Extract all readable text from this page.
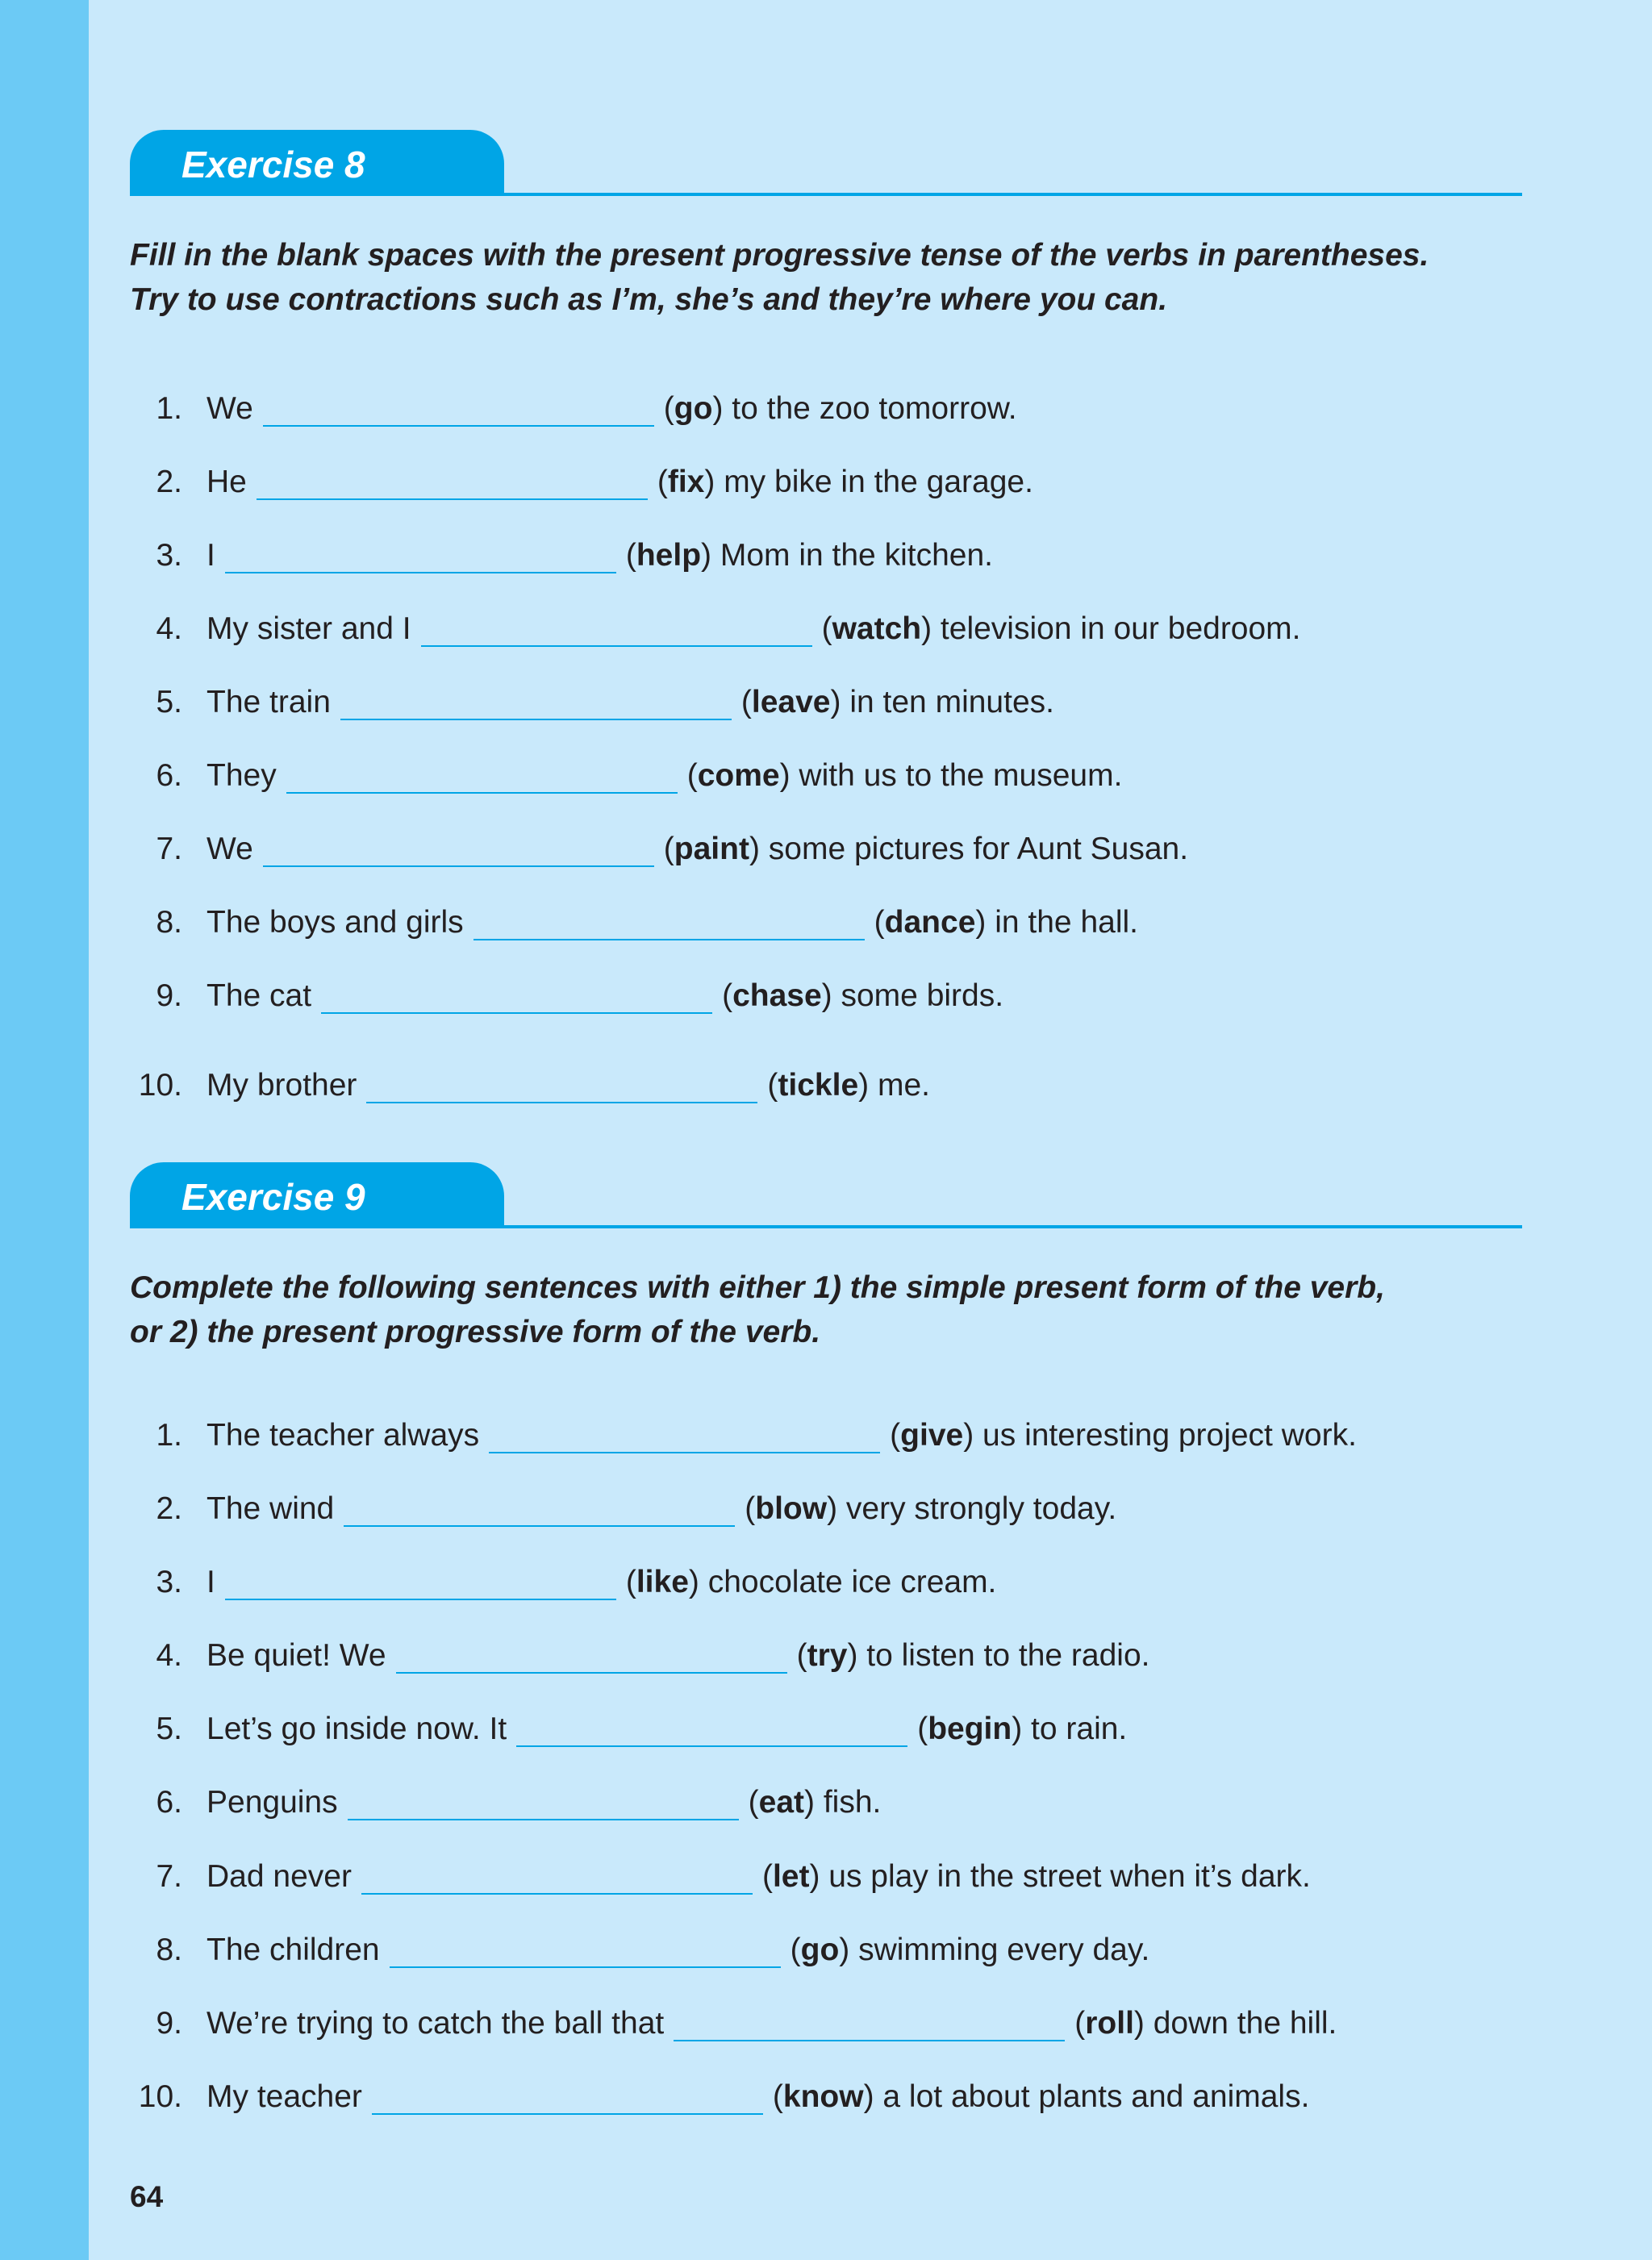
Exercise 8
Fill in the blank spaces with the present progressive tense of the verbs in parentheses.
Try to use contractions such as I’m, she’s and they’re where you can.
1. We	( go ) to the zoo tomorrow.
2. He	( fix ) my bike in the garage.
3. I	( help ) Mom in the kitchen.
4. My sister and I	( watch ) television in our bedroom.
5. The train	( leave ) in ten minutes.
6. They	( come ) with us to the museum.
7. We	( paint ) some pictures for Aunt Susan.
8. The boys and girls	( dance ) in the hall.
9. The cat	( chase ) some birds.
10. My brother	( tickle ) me.
Exercise 9
Complete the following sentences with either 1) the simple present form of the verb,
or 2) the present progressive form of the verb.
1. The teacher always	( give ) us interesting project work.
2. The wind	( blow ) very strongly today.
3. I	( like ) chocolate ice cream.
4. Be quiet! We	( try ) to listen to the radio.
5. Let’s go inside now. It	( begin ) to rain.
6. Penguins	( eat ) fish.
7. Dad never	( let ) us play in the street when it’s dark.
8. The children	( go ) swimming every day.
9. We’re trying to catch the ball that	( roll ) down the hill.
10. My teacher	( know ) a lot about plants and animals.
64
